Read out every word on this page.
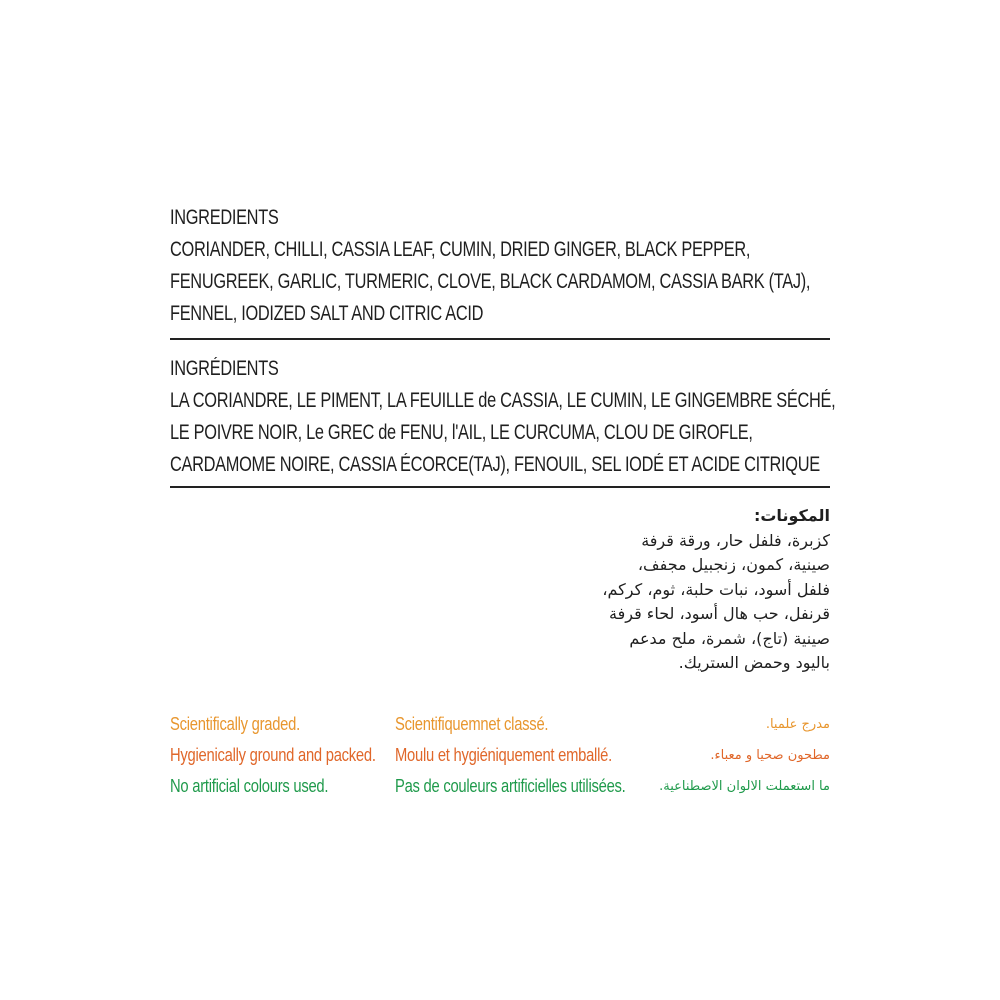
INGREDIENTS
CORIANDER, CHILLI, CASSIA LEAF, CUMIN, DRIED GINGER, BLACK PEPPER,
FENUGREEK, GARLIC, TURMERIC, CLOVE, BLACK CARDAMOM, CASSIA BARK (TAJ),
FENNEL, IODIZED SALT AND CITRIC ACID
INGRÉDIENTS
LA CORIANDRE, LE PIMENT, LA FEUILLE de CASSIA, LE CUMIN, LE GINGEMBRE SÉCHÉ,
LE POIVRE NOIR, Le GREC de FENU, l'AIL, LE CURCUMA, CLOU DE GIROFLE,
CARDAMOME NOIRE, CASSIA ÉCORCE(TAJ), FENOUIL, SEL IODÉ ET ACIDE CITRIQUE
المكونات:
كزبرة، فلفل حار، ورقة قرفة
صينية، كمون، زنجبيل مجفف،
فلفل أسود، نبات حلبة، ثوم، كركم،
قرنفل، حب هال أسود، لحاء قرفة
صينية (تاج)، شمرة، ملح مدعم
باليود وحمض الستريك.
Scientifically graded.	Scientifiquemnet classé.	مدرج علميا.
Hygienically ground and packed. Moulu et hygiéniquement emballé.	مطحون صحيا و معباء.
No artificial colours used.	Pas de couleurs artificielles utilisées.	ما استعملت الالوان الاصطناعية.
